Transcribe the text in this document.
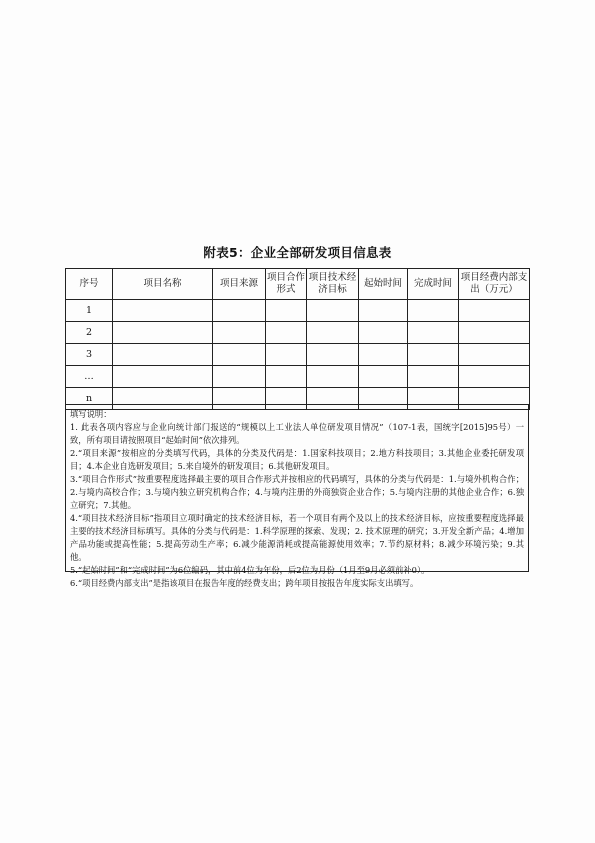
附表5：企业全部研发项目信息表
序号	项目名称	项目来源	项目合作形式	项目技术经济目标	起始时间	完成时间	项目经费内部支出（万元）
1							
2							
3							
…							
n							

填写说明：

1. 此表各项内容应与企业向统计部门报送的“规模以上工业法人单位研发项目情况”（107-1表，国统字[2015]95号）一致，所有项目请按照项目“起始时间”依次排列。

2.“项目来源”按相应的分类填写代码，具体的分类及代码是：1.国家科技项目；2.地方科技项目；3.其他企业委托研发项目；4.本企业自选研发项目；5.来自境外的研发项目；6.其他研发项目。

3.“项目合作形式”按重要程度选择最主要的项目合作形式并按相应的代码填写，具体的分类与代码是：1.与境外机构合作；2.与境内高校合作；3.与境内独立研究机构合作；4.与境内注册的外商独资企业合作；5.与境内注册的其他企业合作；6.独立研究；7.其他。

4.“项目技术经济目标”指项目立项时确定的技术经济目标，若一个项目有两个及以上的技术经济目标，应按重要程度选择最主要的技术经济目标填写。具体的分类与代码是：1.科学原理的探索、发现；2. 技术原理的研究；3.开发全新产品；4.增加产品功能或提高性能；5.提高劳动生产率；6.减少能源消耗或提高能源使用效率；7.节约原材料；8.减少环境污染；9.其他。

5.“起始时间”和“完成时间”为6位编码，其中前4位为年份，后2位为月份（1月至9月必须前补0）。

6.“项目经费内部支出”是指该项目在报告年度的经费支出；跨年项目按报告年度实际支出填写。
